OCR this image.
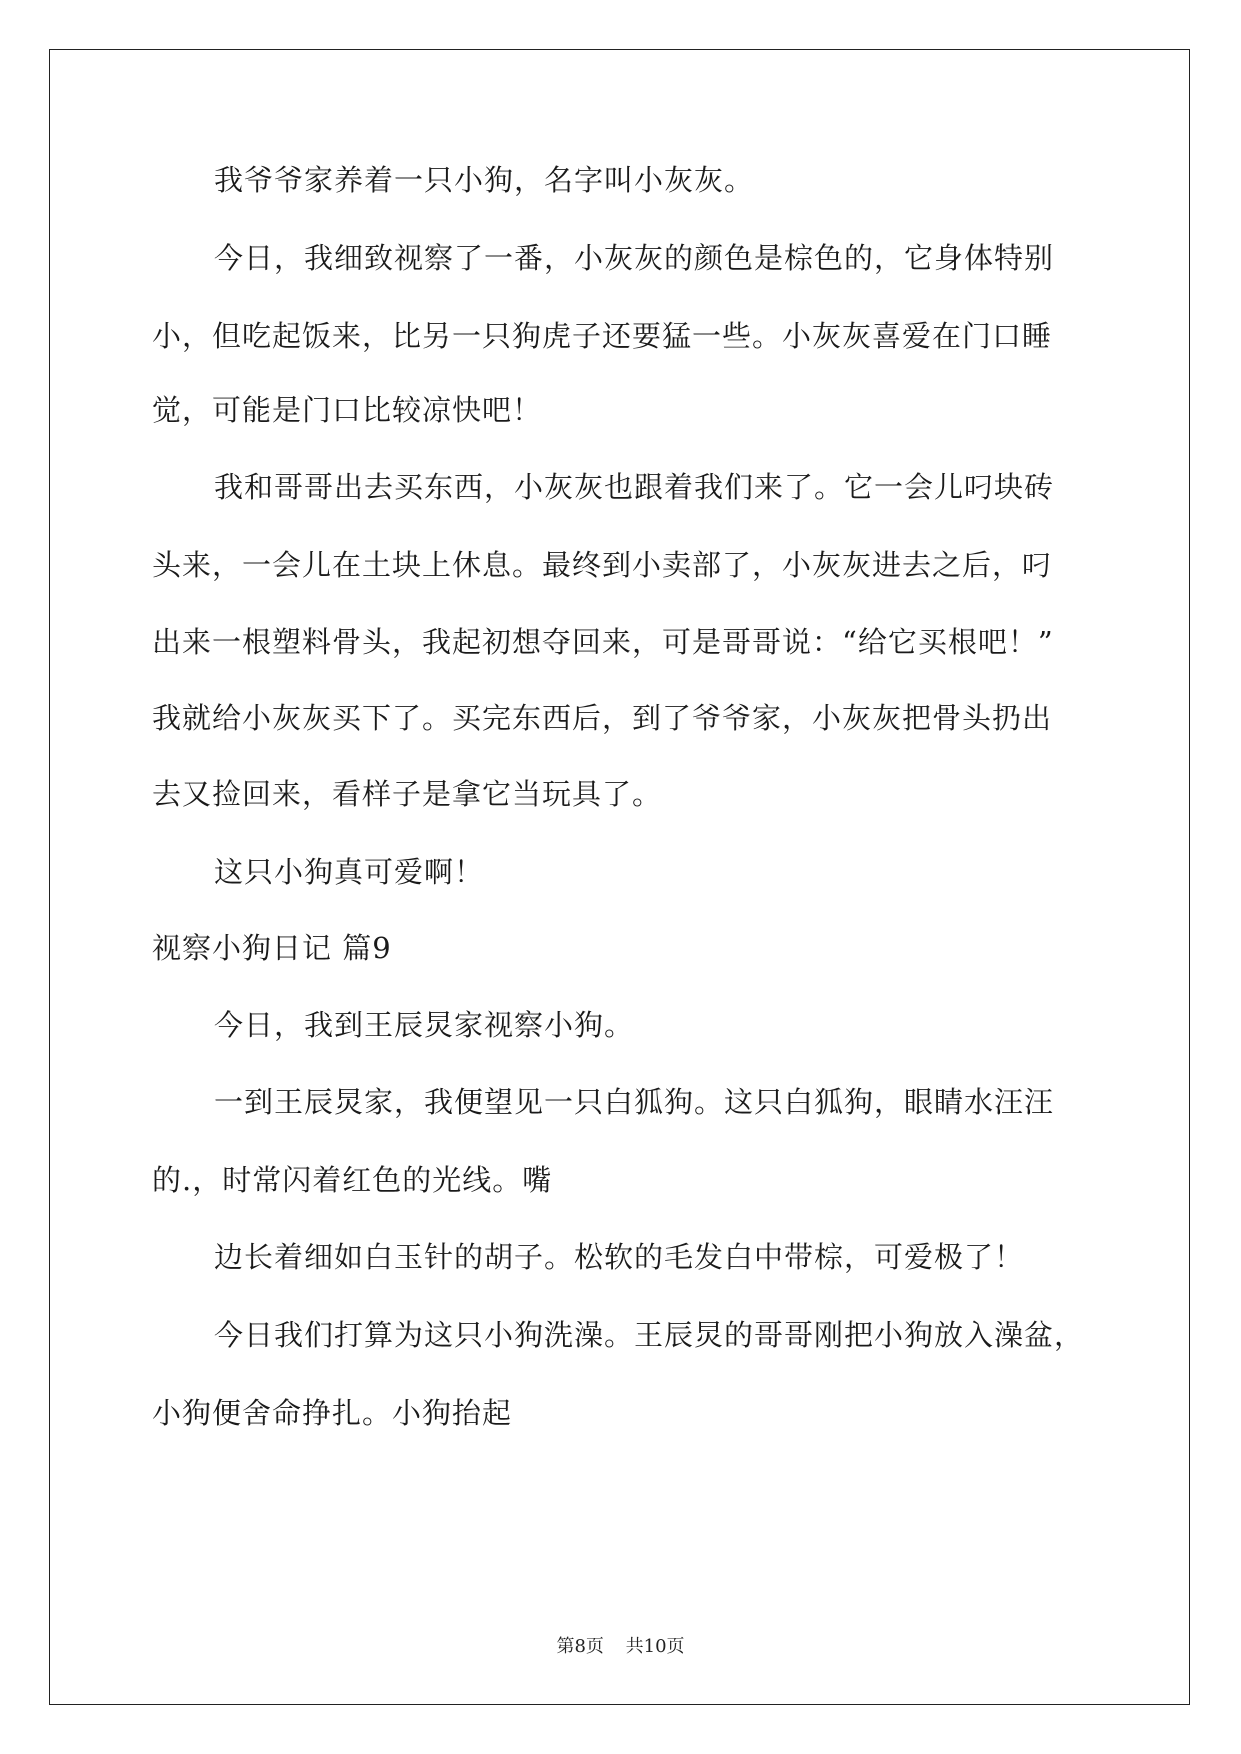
我爷爷家养着一只小狗，名字叫小灰灰。
今日，我细致视察了一番，小灰灰的颜色是棕色的，它身体特别
小，但吃起饭来，比另一只狗虎子还要猛一些。小灰灰喜爱在门口睡
觉，可能是门口比较凉快吧！
我和哥哥出去买东西，小灰灰也跟着我们来了。它一会儿叼块砖
头来，一会儿在土块上休息。最终到小卖部了，小灰灰进去之后，叼
出来一根塑料骨头，我起初想夺回来，可是哥哥说：“给它买根吧！”
我就给小灰灰买下了。买完东西后，到了爷爷家，小灰灰把骨头扔出
去又捡回来，看样子是拿它当玩具了。
这只小狗真可爱啊！
视察小狗日记 篇9
今日，我到王辰炅家视察小狗。
一到王辰炅家，我便望见一只白狐狗。这只白狐狗，眼睛水汪汪
的.，时常闪着红色的光线。嘴
边长着细如白玉针的胡子。松软的毛发白中带棕，可爱极了！
今日我们打算为这只小狗洗澡。王辰炅的哥哥刚把小狗放入澡盆，
小狗便舍命挣扎。小狗抬起
第8页 共10页
